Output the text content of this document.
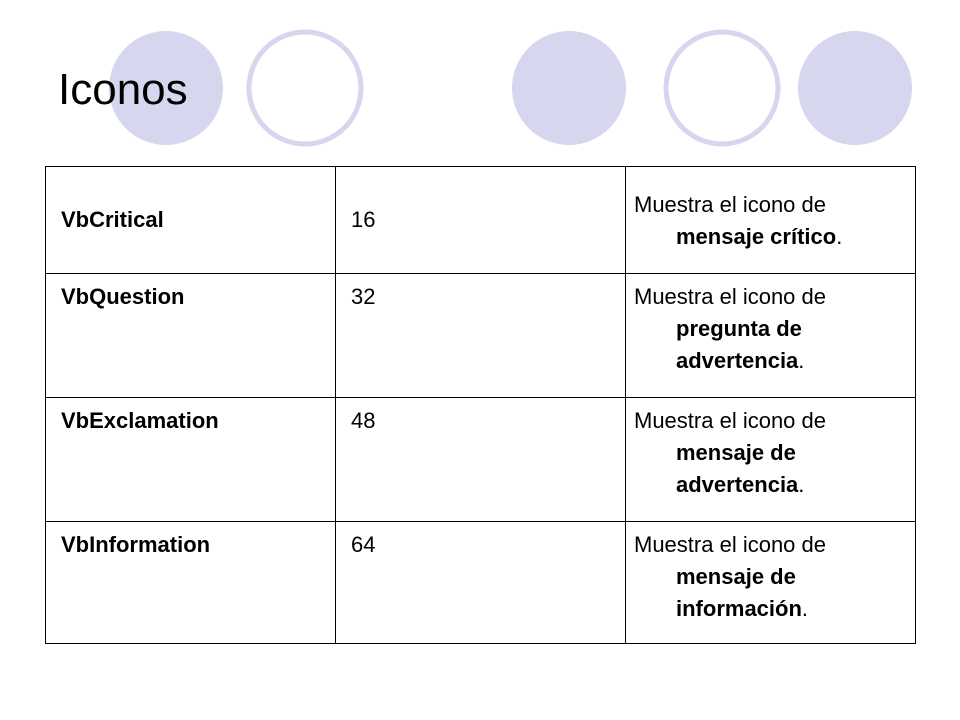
Iconos
VbCritical	16	Muestra el icono de
mensaje crítico.

VbQuestion	32	Muestra el icono de
pregunta de advertencia.

VbExclamation	48	Muestra el icono de
mensaje de advertencia.

VbInformation	64	Muestra el icono de
mensaje de información.
